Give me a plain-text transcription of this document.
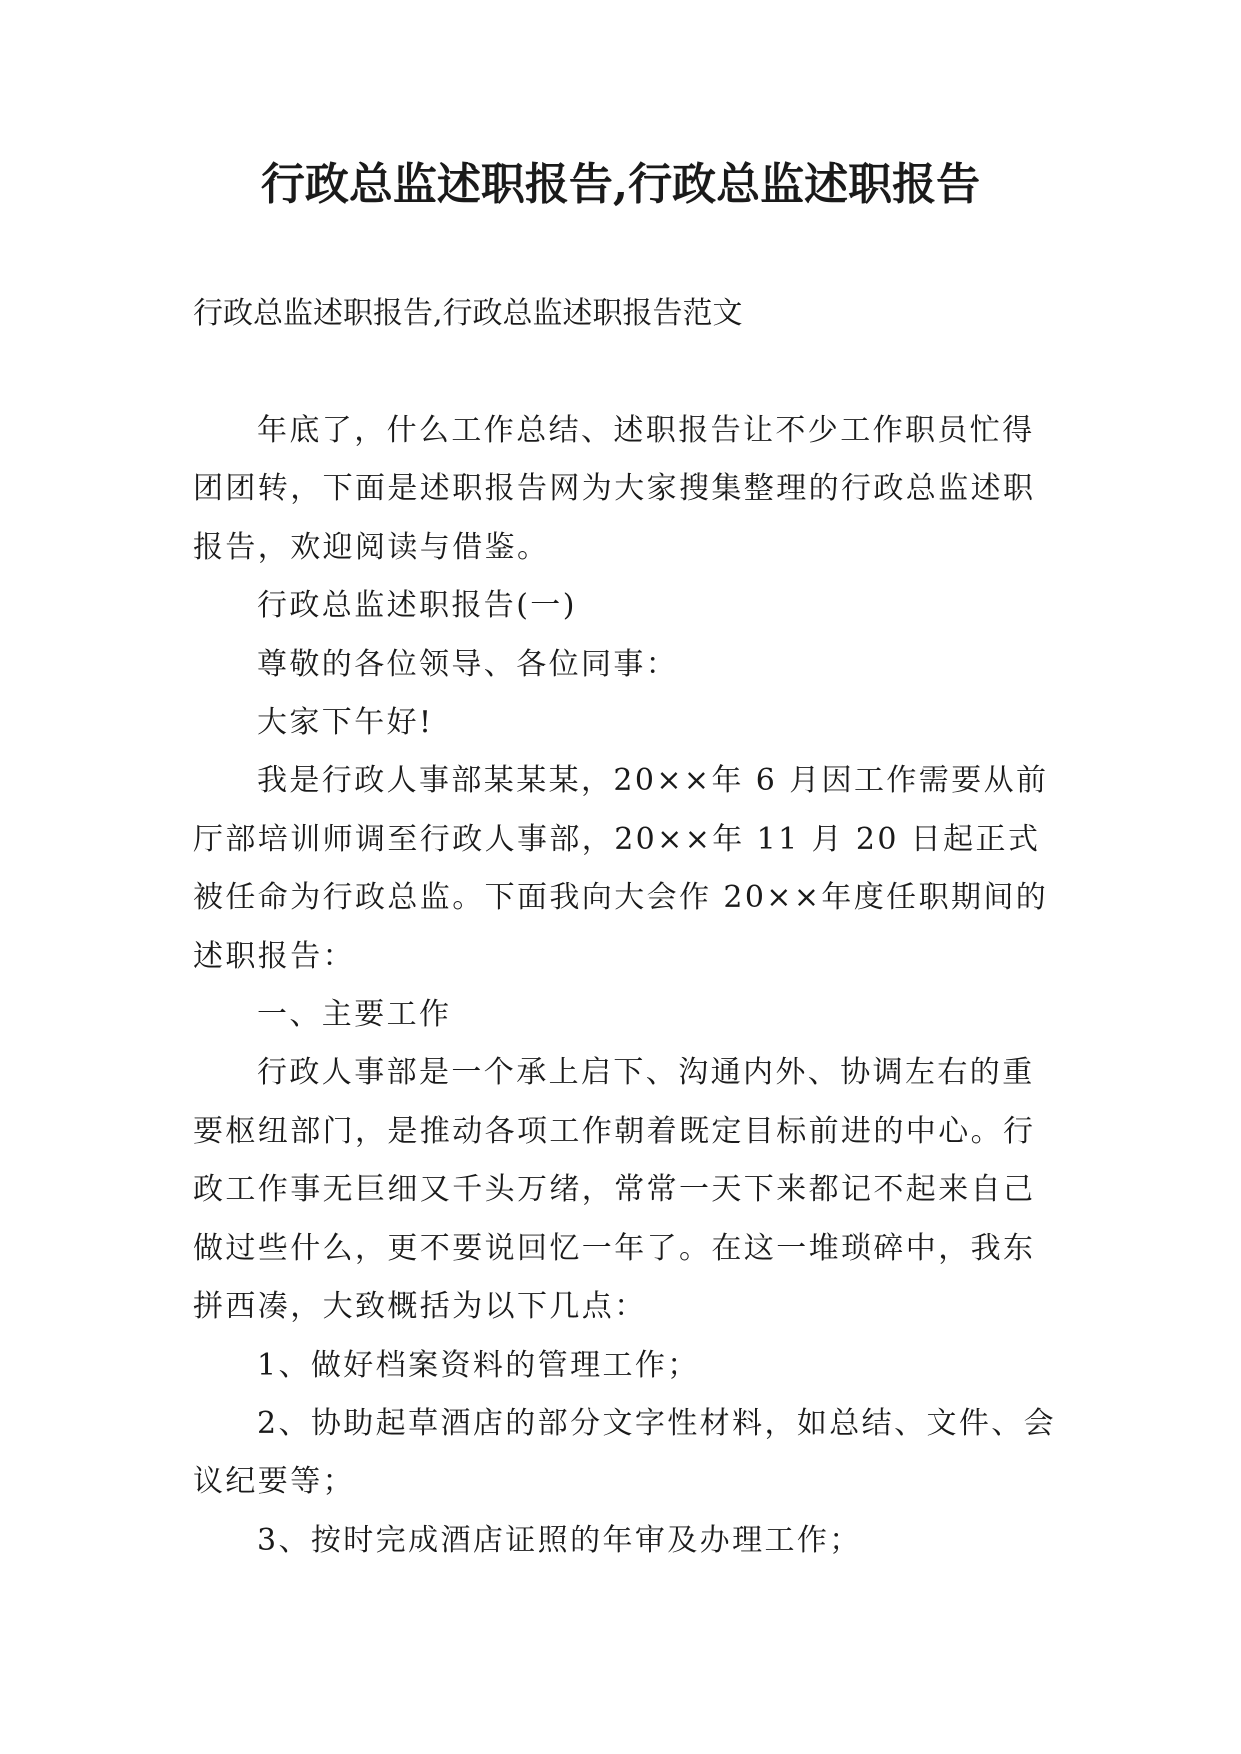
行政总监述职报告,行政总监述职报告

行政总监述职报告,行政总监述职报告范文

年底了，什么工作总结、述职报告让不少工作职员忙得团团转，下面是述职报告网为大家搜集整理的行政总监述职报告，欢迎阅读与借鉴。

行政总监述职报告(一)

尊敬的各位领导、各位同事：

大家下午好!

我是行政人事部某某某，20××年 6 月因工作需要从前厅部培训师调至行政人事部，20××年 11 月 20 日起正式被任命为行政总监。下面我向大会作 20××年度任职期间的述职报告：

一、主要工作

行政人事部是一个承上启下、沟通内外、协调左右的重要枢纽部门，是推动各项工作朝着既定目标前进的中心。行政工作事无巨细又千头万绪，常常一天下来都记不起来自己做过些什么，更不要说回忆一年了。在这一堆琐碎中，我东拼西凑，大致概括为以下几点：

1、做好档案资料的管理工作；

2、协助起草酒店的部分文字性材料，如总结、文件、会议纪要等；

3、按时完成酒店证照的年审及办理工作；
